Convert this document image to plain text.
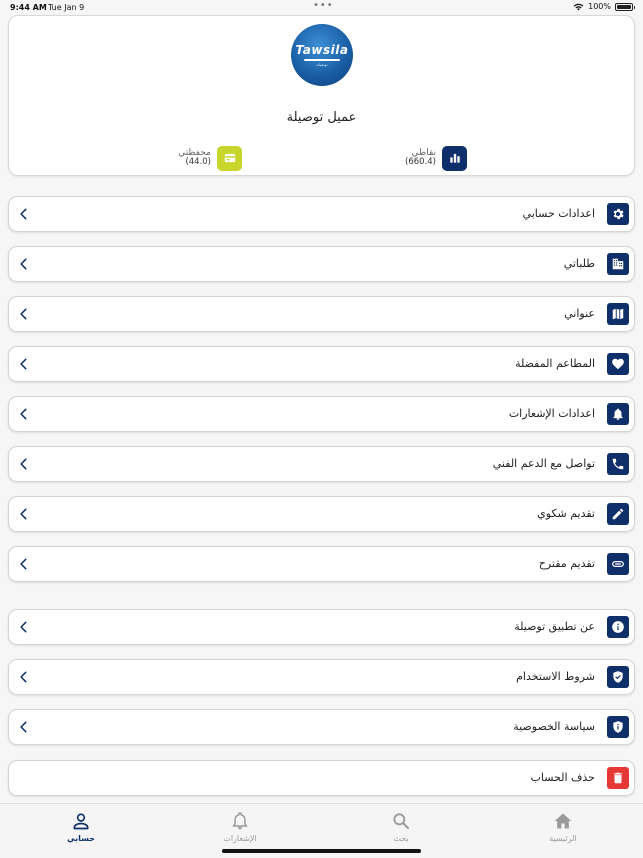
9:44 AM Tue Jan 9	•••	100%
Tawsila
توصيلة
عميل توصيلة
نقاطي
(660.4)
محفظتي
(44.0)
اعدادات حسابي
طلباتي
عنواني
المطاعم المفضلة
اعدادات الإشعارات
تواصل مع الدعم الفني
تقديم شكوي
تقديم مقترح
عن تطبيق توصيلة
شروط الاستخدام
سياسة الخصوصية
حذف الحساب
حسابي	الإشعارات	بحث	الرئيسية
